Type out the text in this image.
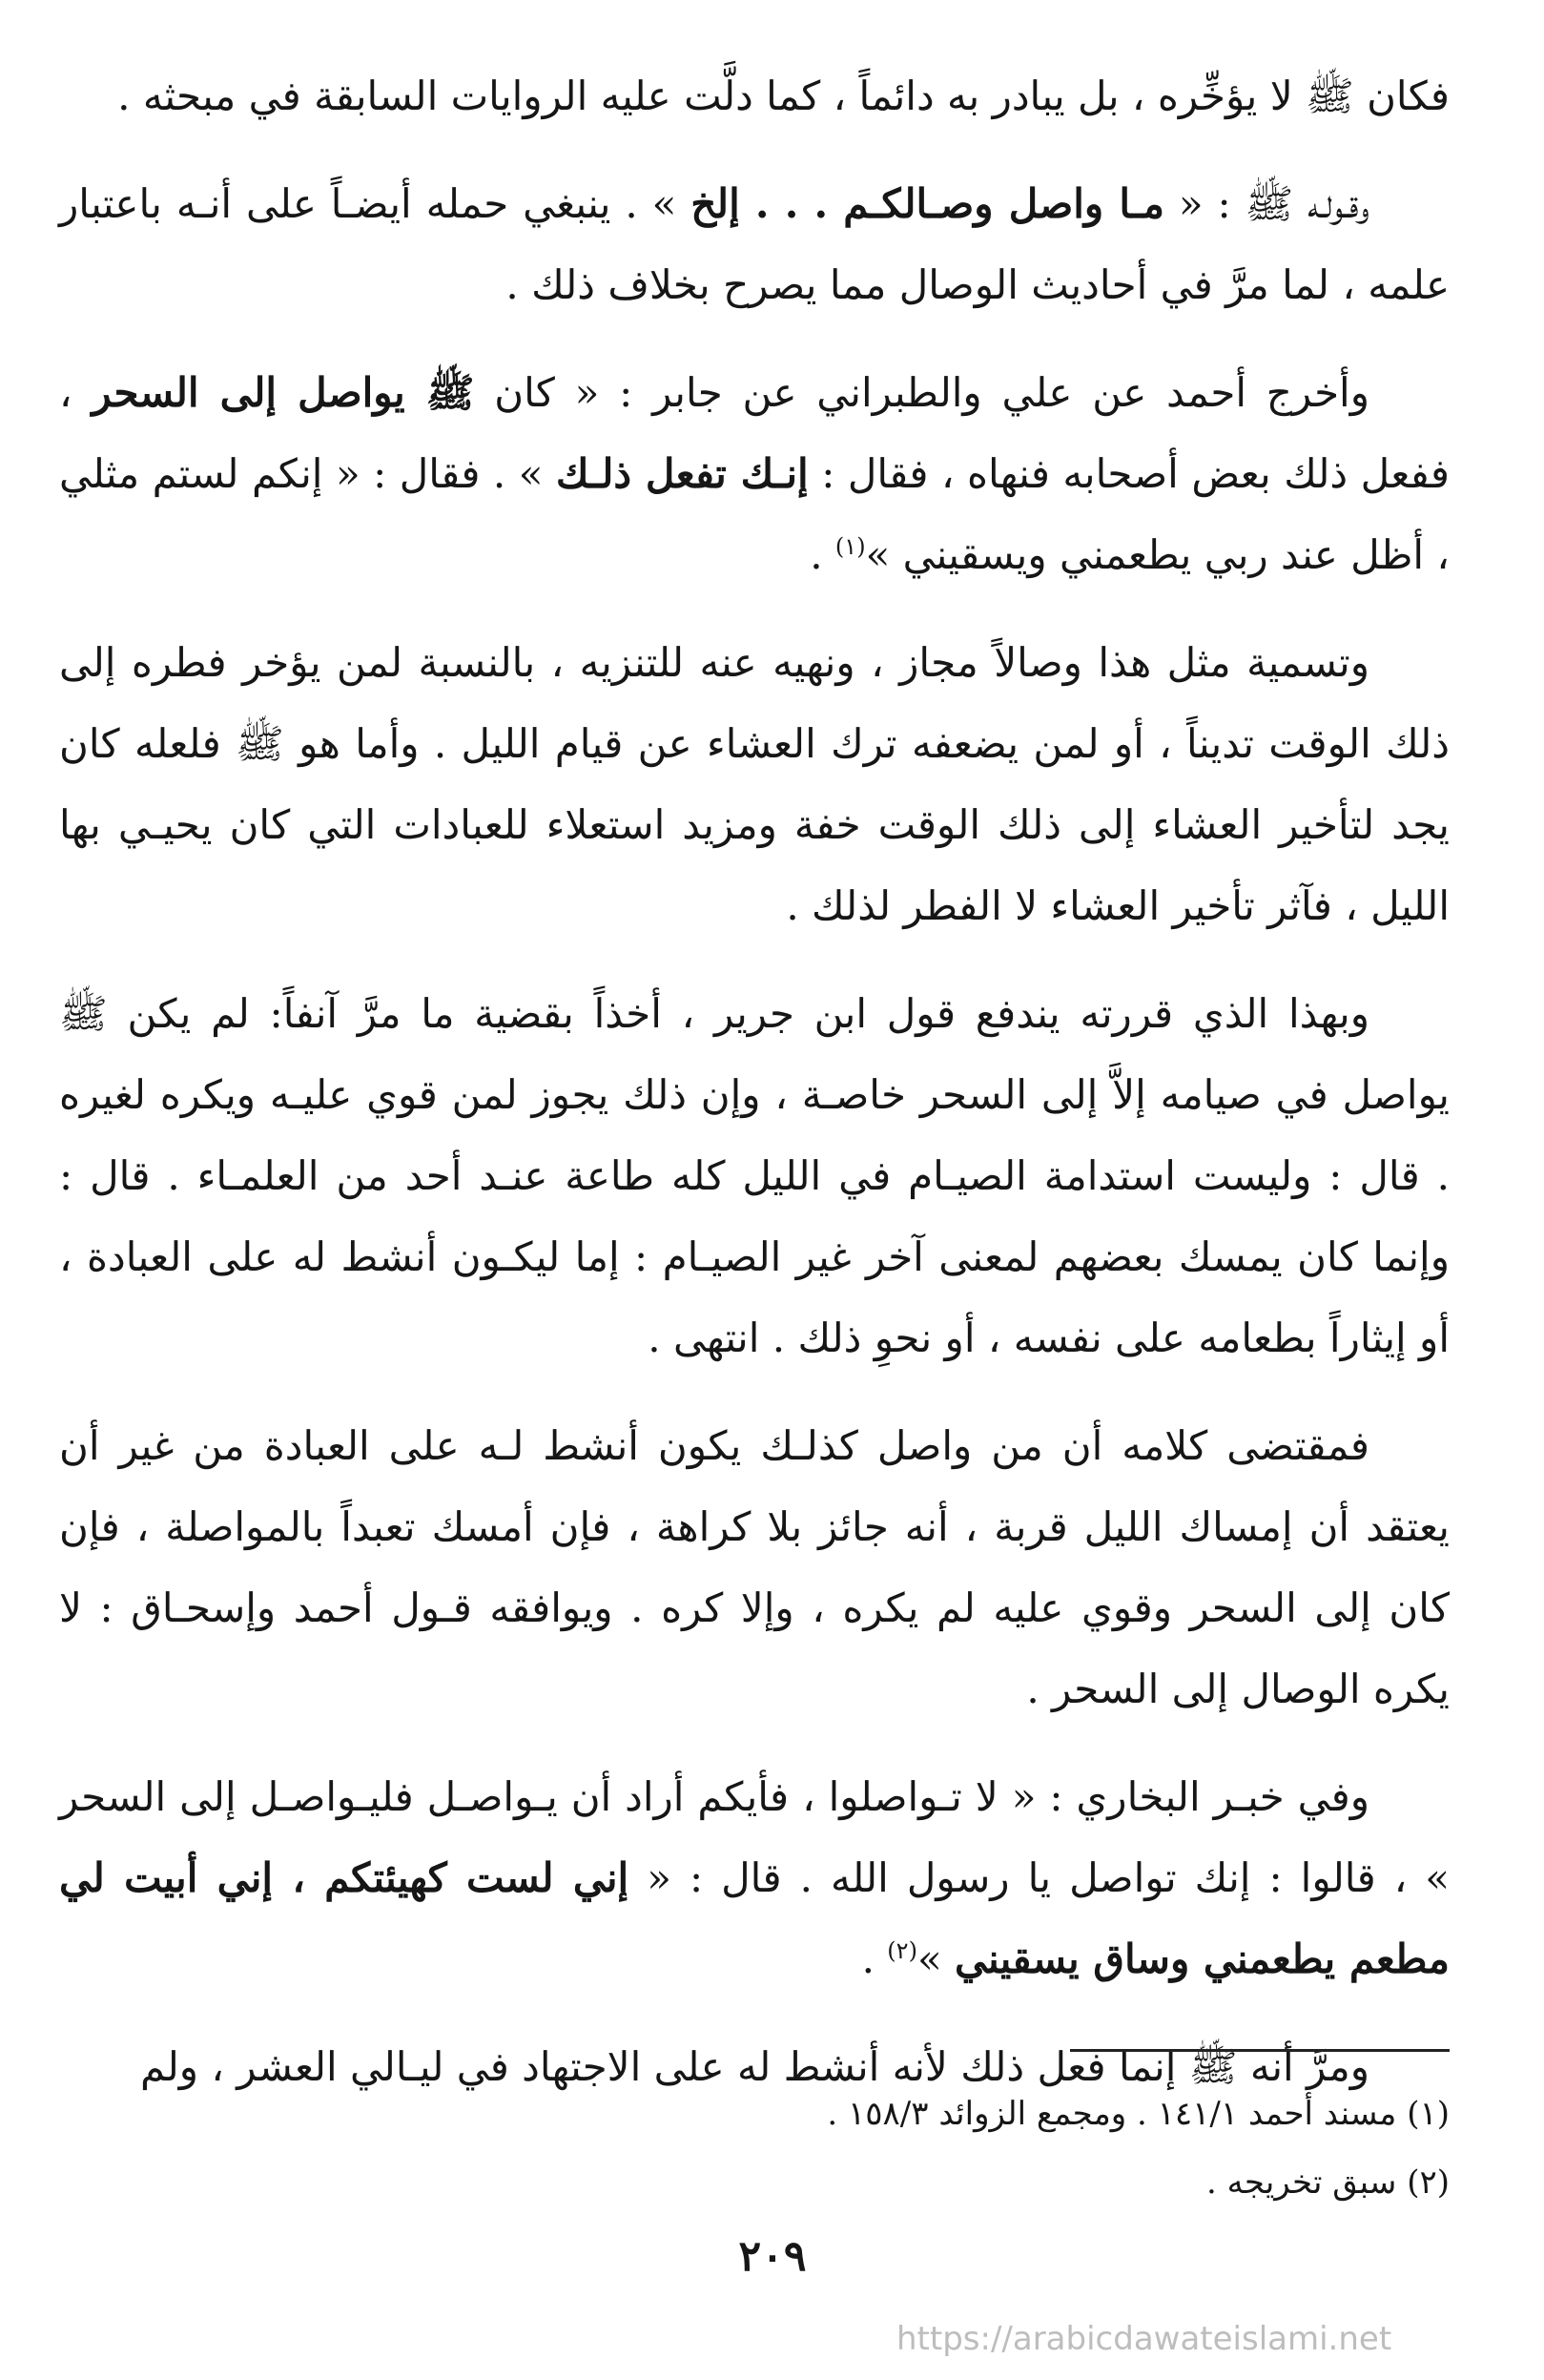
فكان ﷺ لا يؤخِّره ، بل يبادر به دائماً ، كما دلَّت عليه الروايات السابقة في مبحثه .

وقـولـه ﷺ : « مـا واصل وصـالكـم . . . إلخ » . ينبغي حمله أيضـاً على أنـه باعتبار علمه ، لما مرَّ في أحاديث الوصال مما يصرح بخلاف ذلك .

وأخرج أحمد عن علي والطبراني عن جابر : « كان ﷺ يواصل إلى السحر ، ففعل ذلك بعض أصحابه فنهاه ، فقال : إنـك تفعل ذلـك » . فقال : « إنكم لستم مثلي ، أظل عند ربي يطعمني ويسقيني »$^{(١)}$ .

وتسمية مثل هذا وصالاً مجاز ، ونهيه عنه للتنزيه ، بالنسبة لمن يؤخر فطره إلى ذلك الوقت تديناً ، أو لمن يضعفه ترك العشاء عن قيام الليل . وأما هو ﷺ فلعله كان يجد لتأخير العشاء إلى ذلك الوقت خفة ومزيد استعلاء للعبادات التي كان يحيـي بها الليل ، فآثر تأخير العشاء لا الفطر لذلك .

وبهذا الذي قررته يندفع قول ابن جرير ، أخذاً بقضية ما مرَّ آنفاً: لم يكن ﷺ يواصل في صيامه إلاَّ إلى السحر خاصـة ، وإن ذلك يجوز لمن قوي عليـه ويكره لغيره . قال : وليست استدامة الصيـام في الليل كله طاعة عنـد أحد من العلمـاء . قال : وإنما كان يمسك بعضهم لمعنى آخر غير الصيـام : إما ليكـون أنشط له على العبادة ، أو إيثاراً بطعامه على نفسه ، أو نحوِ ذلك . انتهى .

فمقتضى كلامه أن من واصل كذلـك يكون أنشط لـه على العبادة من غير أن يعتقد أن إمساك الليل قربة ، أنه جائز بلا كراهة ، فإن أمسك تعبداً بالمواصلة ، فإن كان إلى السحر وقوي عليه لم يكره ، وإلا كره . ويوافقه قـول أحمد وإسحـاق : لا يكره الوصال إلى السحر .

وفي خبـر البخاري : « لا تـواصلوا ، فأيكم أراد أن يـواصـل فليـواصـل إلى السحر » ، قالوا : إنك تواصل يا رسول الله . قال : « إني لست كهيئتكم ، إني أبيت لي مطعم يطعمني وساق يسقيني »$^{(٢)}$ .

ومرَّ أنه ﷺ إنما فعل ذلك لأنه أنشط له على الاجتهاد في ليـالي العشر ، ولم

(١) مسند أحمد ١٤١/١ . ومجمع الزوائد ١٥٨/٣ .
(٢) سبق تخريجه .
٢٠٩
https://arabicdawateislami.net
